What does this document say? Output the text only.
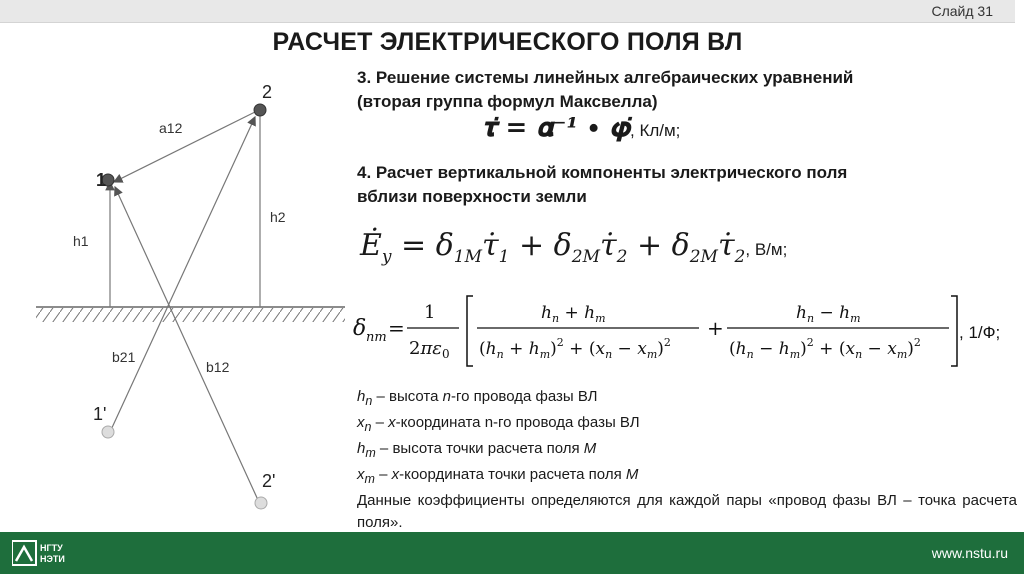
Слайд 31
РАСЧЕТ ЭЛЕКТРИЧЕСКОГО ПОЛЯ ВЛ
2
1
a12
h1
h2
b21
b12
1'
2'
3. Решение системы линейных алгебраических уравнений
(вторая группа формул Максвелла)
𝛕̇ = 𝛂⁻¹ ∙ 𝛗̇, Кл/м;
4. Расчет вертикальной компоненты электрического поля
вблизи поверхности земли
$Ė_y$ = $\delta_{1M}\tau̇_1$ + $\delta_{2M}\tau̇_2$ + $\delta_{2M}\tau̇_2$, В/м;
δ nm =
1
$2\pi\varepsilon_0$
$h_n + h_m$
$(h_n + h_m)^2 + (x_n - x_m)^2$
+
$h_n - h_m$
$(h_n - h_m)^2 + (x_n - x_m)^2$
, 1/Ф;
$h_n$ – высота n-го провода фазы ВЛ
$x_n$ – x-координата n-го провода фазы ВЛ
$h_m$ – высота точки расчета поля M
$x_m$ – x-координата точки расчета поля M
Данные коэффициенты определяются для каждой пары «провод фазы ВЛ – точка расчета поля».
НГТУ
НЭТИ	www.nstu.ru
